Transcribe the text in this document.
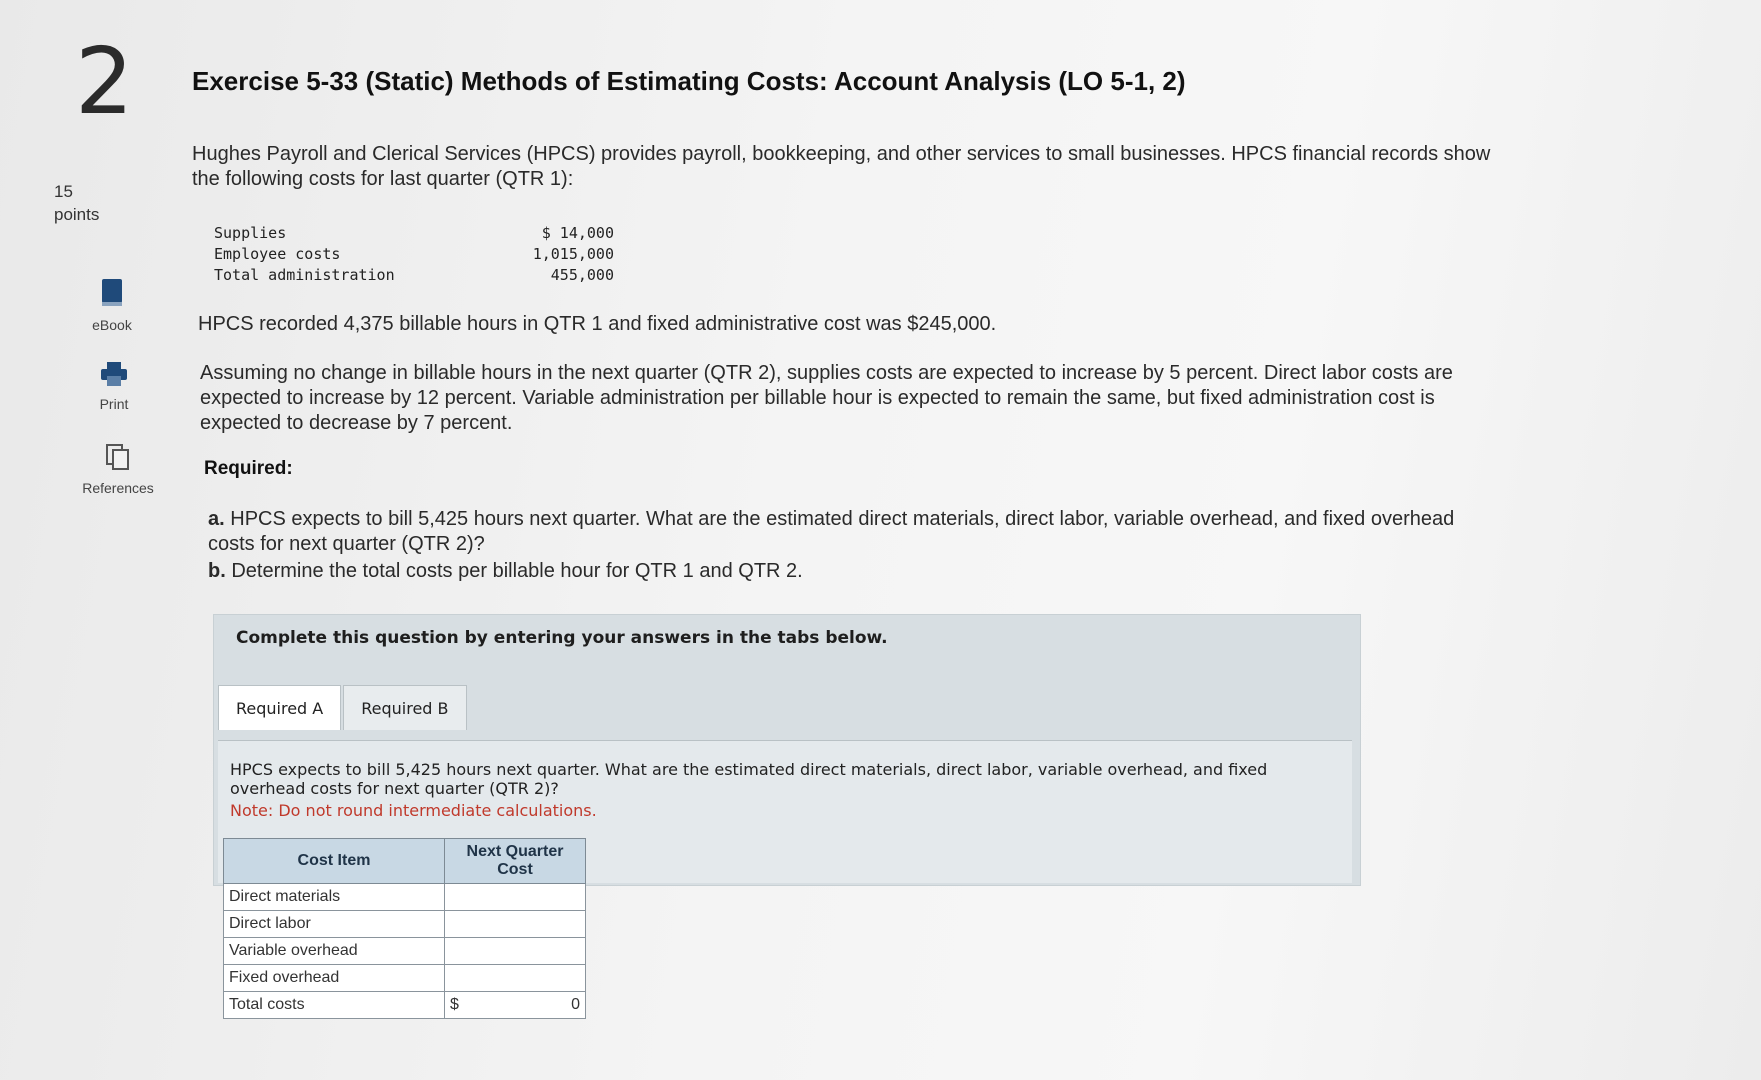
2
15
points
eBook
Print
References
Exercise 5-33 (Static) Methods of Estimating Costs: Account Analysis (LO 5-1, 2)
Hughes Payroll and Clerical Services (HPCS) provides payroll, bookkeeping, and other services to small businesses. HPCS financial records show the following costs for last quarter (QTR 1):
Supplies	$ 14,000
Employee costs	1,015,000
Total administration	455,000
HPCS recorded 4,375 billable hours in QTR 1 and fixed administrative cost was $245,000.
Assuming no change in billable hours in the next quarter (QTR 2), supplies costs are expected to increase by 5 percent. Direct labor costs are expected to increase by 12 percent. Variable administration per billable hour is expected to remain the same, but fixed administration cost is expected to decrease by 7 percent.
Required:
a. HPCS expects to bill 5,425 hours next quarter. What are the estimated direct materials, direct labor, variable overhead, and fixed overhead costs for next quarter (QTR 2)?
b. Determine the total costs per billable hour for QTR 1 and QTR 2.
Complete this question by entering your answers in the tabs below.
Required A	Required B
HPCS expects to bill 5,425 hours next quarter. What are the estimated direct materials, direct labor, variable overhead, and fixed overhead costs for next quarter (QTR 2)?
Note: Do not round intermediate calculations.
Cost Item	Next Quarter Cost
Direct materials	
Direct labor	
Variable overhead	
Fixed overhead	
Total costs	$ 0
